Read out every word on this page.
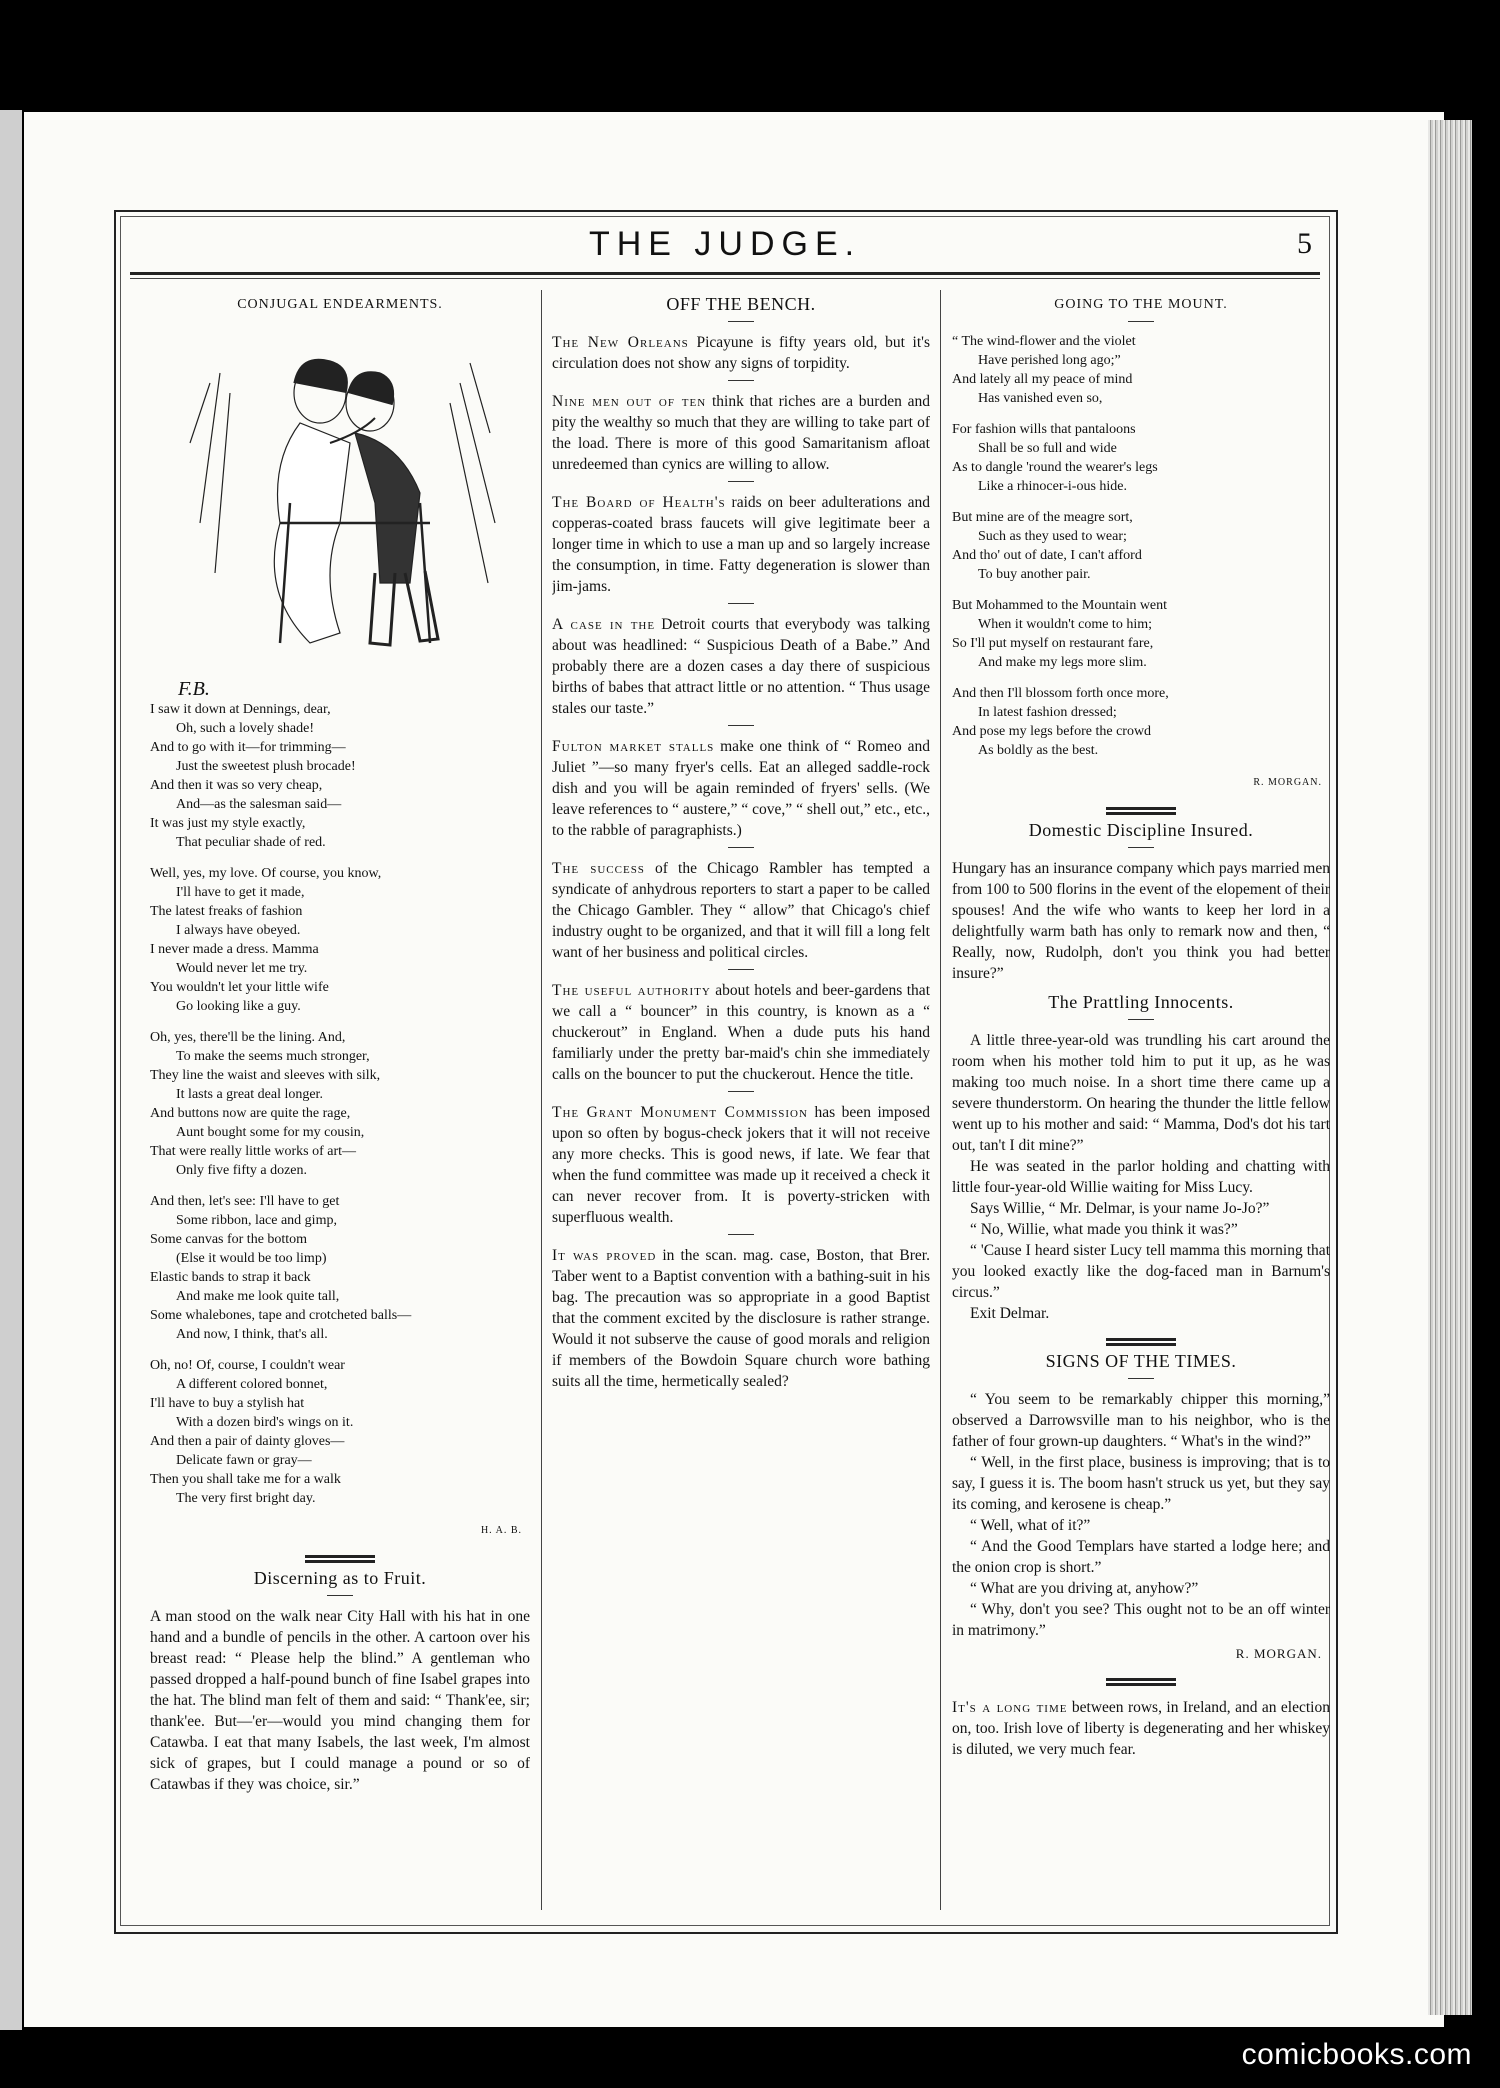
THE JUDGE.	5
CONJUGAL ENDEARMENTS.
F.B.
I saw it down at Dennings, dear,
Oh, such a lovely shade!
And to go with it—for trimming—
Just the sweetest plush brocade!
And then it was so very cheap,
And—as the salesman said—
It was just my style exactly,
That peculiar shade of red.
Well, yes, my love. Of course, you know,
I'll have to get it made,
The latest freaks of fashion
I always have obeyed.
I never made a dress. Mamma
Would never let me try.
You wouldn't let your little wife
Go looking like a guy.
Oh, yes, there'll be the lining. And,
To make the seems much stronger,
They line the waist and sleeves with silk,
It lasts a great deal longer.
And buttons now are quite the rage,
Aunt bought some for my cousin,
That were really little works of art—
Only five fifty a dozen.
And then, let's see: I'll have to get
Some ribbon, lace and gimp,
Some canvas for the bottom
(Else it would be too limp)
Elastic bands to strap it back
And make me look quite tall,
Some whalebones, tape and crotcheted balls—
And now, I think, that's all.
Oh, no! Of, course, I couldn't wear
A different colored bonnet,
I'll have to buy a stylish hat
With a dozen bird's wings on it.
And then a pair of dainty gloves—
Delicate fawn or gray—
Then you shall take me for a walk
The very first bright day.
H. A. B.
Discerning as to Fruit.

A man stood on the walk near City Hall with his hat in one hand and a bundle of pencils in the other. A cartoon over his breast read: “ Please help the blind.” A gentleman who passed dropped a half-pound bunch of fine Isabel grapes into the hat. The blind man felt of them and said: “ Thank'ee, sir; thank'ee. But—'er—would you mind changing them for Catawba. I eat that many Isabels, the last week, I'm almost sick of grapes, but I could manage a pound or so of Catawbas if they was choice, sir.”

OFF THE BENCH.

The New Orleans Picayune is fifty years old, but it's circulation does not show any signs of torpidity.

Nine men out of ten think that riches are a burden and pity the wealthy so much that they are willing to take part of the load. There is more of this good Samaritanism afloat unredeemed than cynics are willing to allow.

The Board of Health's raids on beer adulterations and copperas-coated brass faucets will give legitimate beer a longer time in which to use a man up and so largely increase the consumption, in time. Fatty degeneration is slower than jim-jams.

A case in the Detroit courts that everybody was talking about was headlined: “ Suspicious Death of a Babe.” And probably there are a dozen cases a day there of suspicious births of babes that attract little or no attention. “ Thus usage stales our taste.”

Fulton market stalls make one think of “ Romeo and Juliet ”—so many fryer's cells. Eat an alleged saddle-rock dish and you will be again reminded of fryers' sells. (We leave references to “ austere,” “ cove,” “ shell out,” etc., etc., to the rabble of paragraphists.)

The success of the Chicago Rambler has tempted a syndicate of anhydrous reporters to start a paper to be called the Chicago Gambler. They “ allow” that Chicago's chief industry ought to be organized, and that it will fill a long felt want of her business and political circles.

The useful authority about hotels and beer-gardens that we call a “ bouncer” in this country, is known as a “ chuckerout” in England. When a dude puts his hand familiarly under the pretty bar-maid's chin she immediately calls on the bouncer to put the chuckerout. Hence the title.

The Grant Monument Commission has been imposed upon so often by bogus-check jokers that it will not receive any more checks. This is good news, if late. We fear that when the fund committee was made up it received a check it can never recover from. It is poverty-stricken with superfluous wealth.

It was proved in the scan. mag. case, Boston, that Brer. Taber went to a Baptist convention with a bathing-suit in his bag. The precaution was so appropriate in a good Baptist that the comment excited by the disclosure is rather strange. Would it not subserve the cause of good morals and religion if members of the Bowdoin Square church wore bathing suits all the time, hermetically sealed?

GOING TO THE MOUNT.
“ The wind-flower and the violet
Have perished long ago;”
And lately all my peace of mind
Has vanished even so,
For fashion wills that pantaloons
Shall be so full and wide
As to dangle 'round the wearer's legs
Like a rhinocer-i-ous hide.
But mine are of the meagre sort,
Such as they used to wear;
And tho' out of date, I can't afford
To buy another pair.
But Mohammed to the Mountain went
When it wouldn't come to him;
So I'll put myself on restaurant fare,
And make my legs more slim.
And then I'll blossom forth once more,
In latest fashion dressed;
And pose my legs before the crowd
As boldly as the best.
R. MORGAN.
Domestic Discipline Insured.

Hungary has an insurance company which pays married men from 100 to 500 florins in the event of the elopement of their spouses! And the wife who wants to keep her lord in a delightfully warm bath has only to remark now and then, “ Really, now, Rudolph, don't you think you had better insure?”

The Prattling Innocents.

A little three-year-old was trundling his cart around the room when his mother told him to put it up, as he was making too much noise. In a short time there came up a severe thunderstorm. On hearing the thunder the little fellow went up to his mother and said: “ Mamma, Dod's dot his tart out, tan't I dit mine?”

He was seated in the parlor holding and chatting with little four-year-old Willie waiting for Miss Lucy.

Says Willie, “ Mr. Delmar, is your name Jo-Jo?”

“ No, Willie, what made you think it was?”

“ 'Cause I heard sister Lucy tell mamma this morning that you looked exactly like the dog-faced man in Barnum's circus.”

Exit Delmar.

SIGNS OF THE TIMES.

“ You seem to be remarkably chipper this morning,” observed a Darrowsville man to his neighbor, who is the father of four grown-up daughters. “ What's in the wind?”

“ Well, in the first place, business is improving; that is to say, I guess it is. The boom hasn't struck us yet, but they say its coming, and kerosene is cheap.”

“ Well, what of it?”

“ And the Good Templars have started a lodge here; and the onion crop is short.”

“ What are you driving at, anyhow?”

“ Why, don't you see? This ought not to be an off winter in matrimony.”

R. MORGAN.

It's a long time between rows, in Ireland, and an election on, too. Irish love of liberty is degenerating and her whiskey is diluted, we very much fear.

comicbooks.com
